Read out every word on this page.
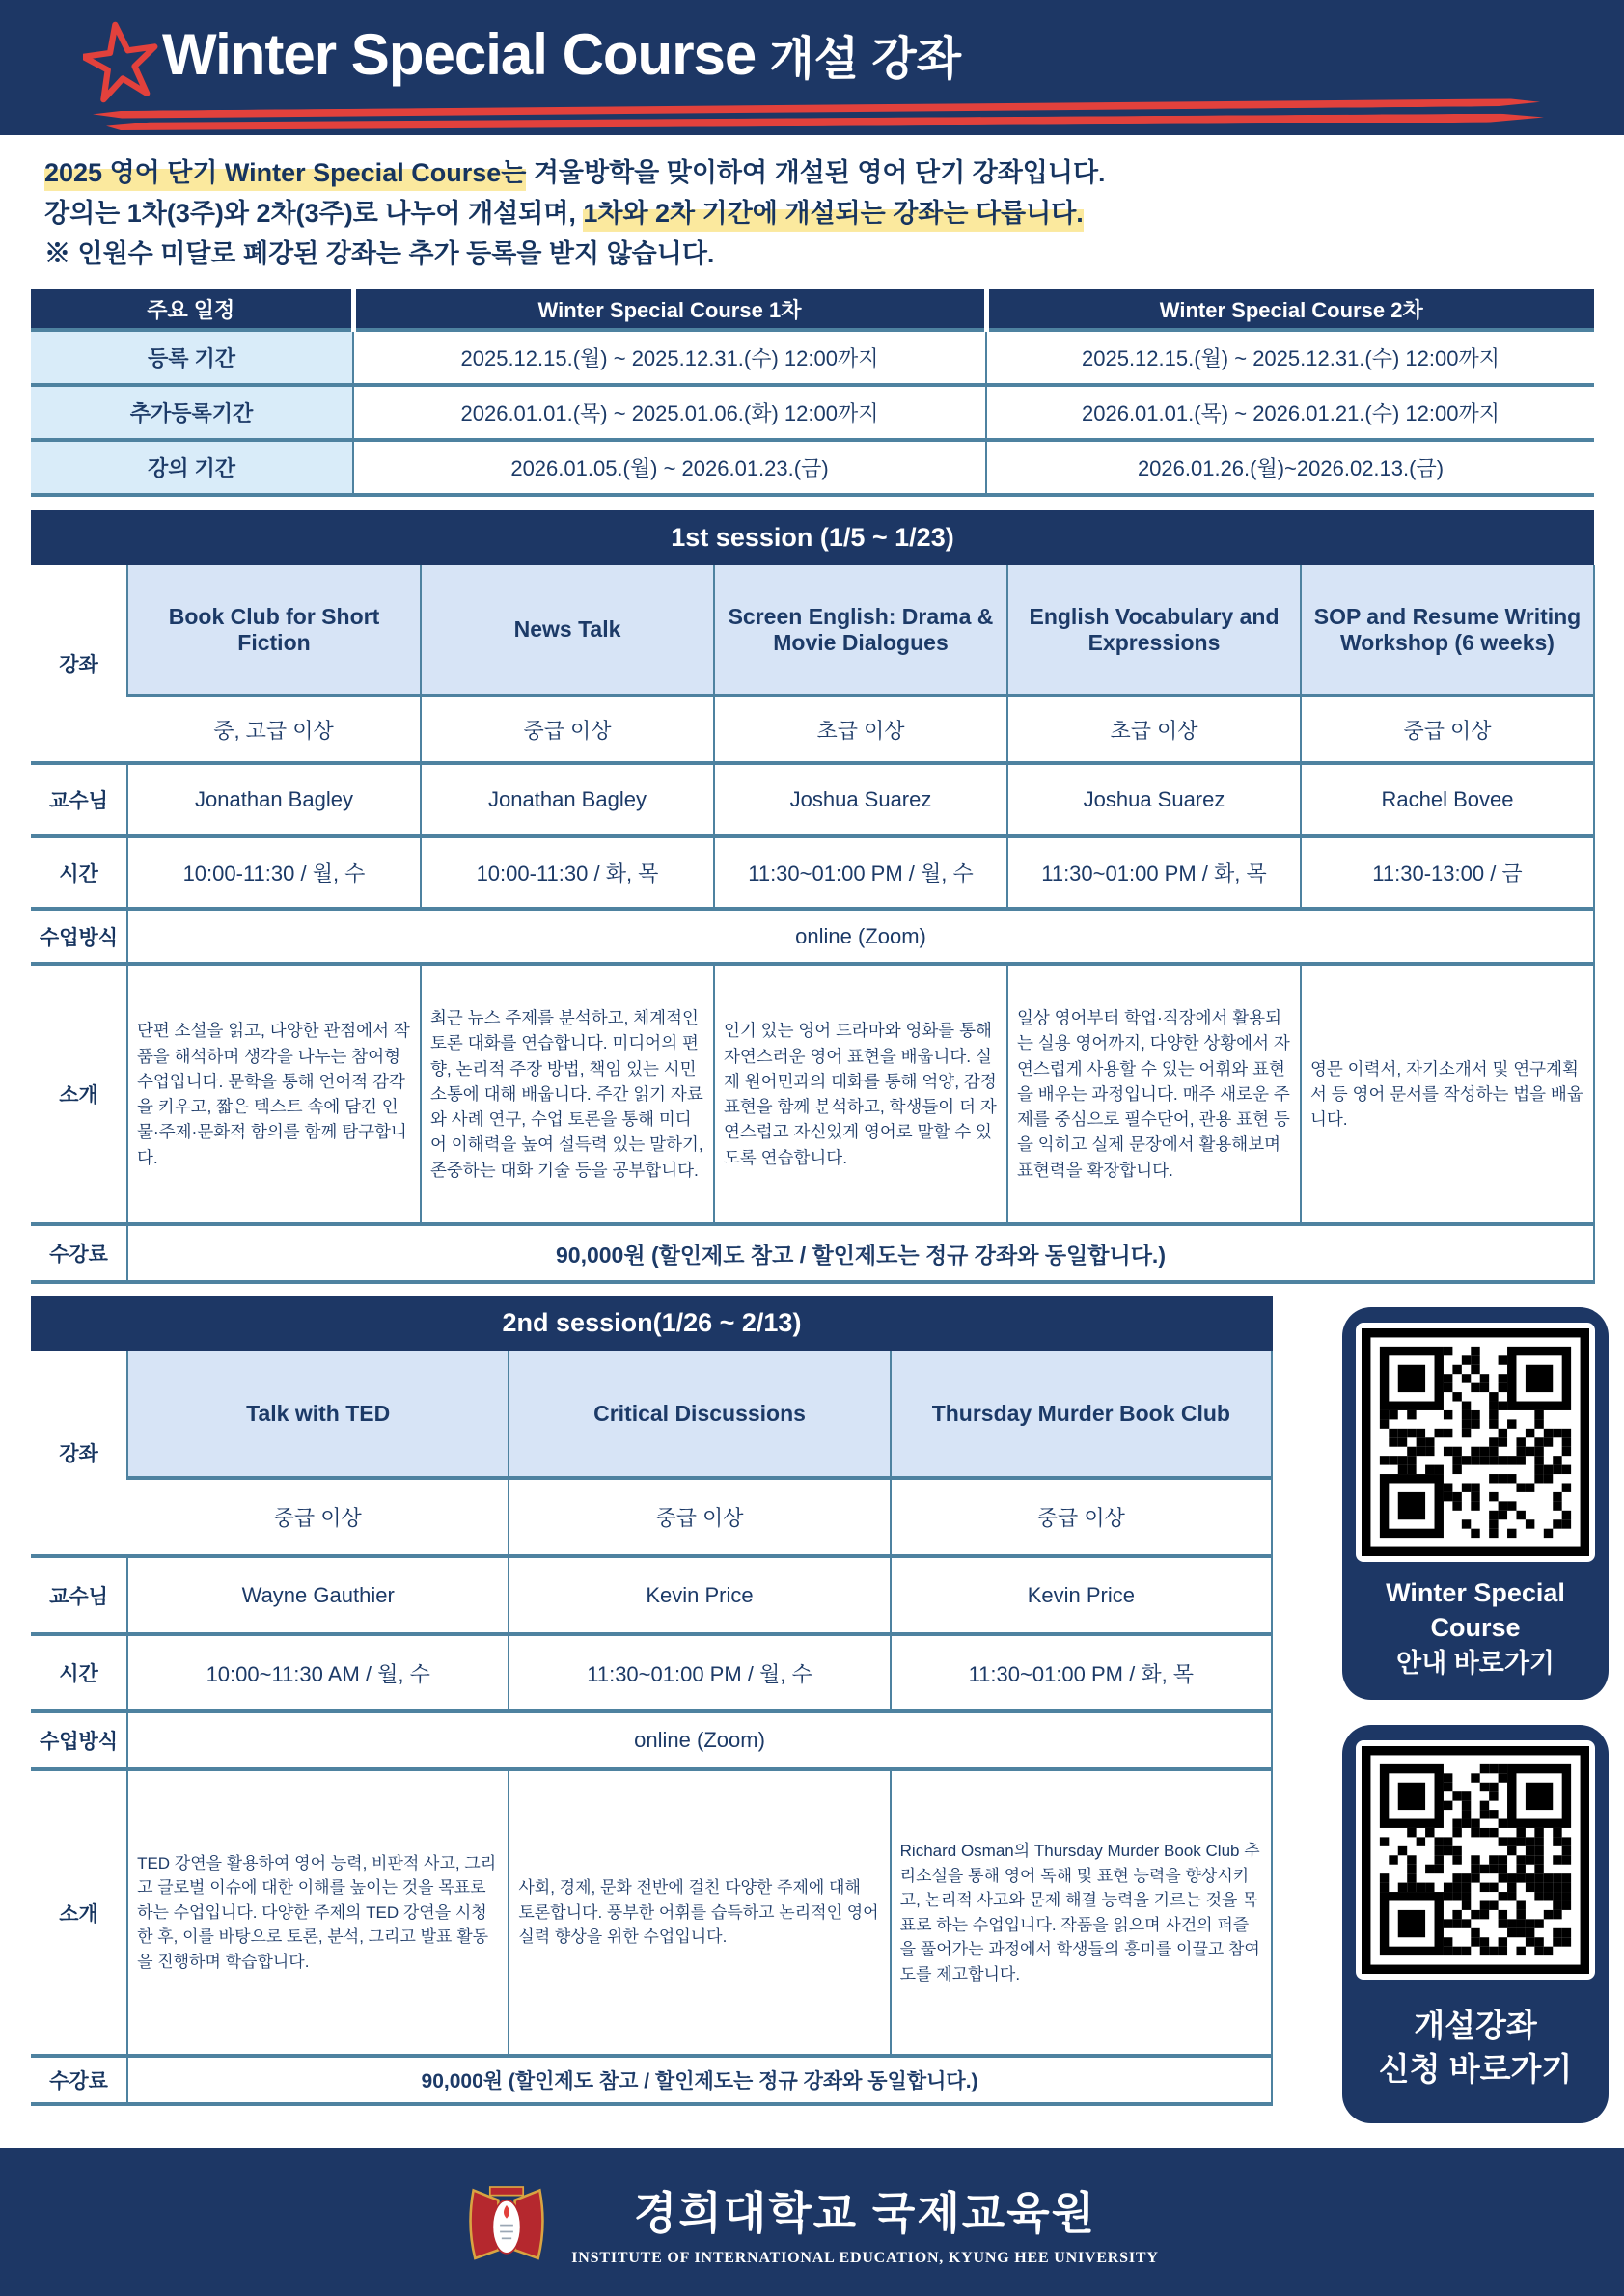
Winter Special Course 개설 강좌

2025 영어 단기 Winter Special Course는 겨울방학을 맞이하여 개설된 영어 단기 강좌입니다.

강의는 1차(3주)와 2차(3주)로 나누어 개설되며, 1차와 2차 기간에 개설되는 강좌는 다릅니다.

※ 인원수 미달로 폐강된 강좌는 추가 등록을 받지 않습니다.

주요 일정	Winter Special Course 1차	Winter Special Course 2차
등록 기간	2025.12.15.(월) ~ 2025.12.31.(수) 12:00까지	2025.12.15.(월) ~ 2025.12.31.(수) 12:00까지
추가등록기간	2026.01.01.(목) ~ 2025.01.06.(화) 12:00까지	2026.01.01.(목) ~ 2026.01.21.(수) 12:00까지
강의 기간	2026.01.05.(월) ~ 2026.01.23.(금)	2026.01.26.(월)~2026.02.13.(금)
1st session (1/5 ~ 1/23)
강좌	Book Club for Short Fiction	News Talk	Screen English: Drama & Movie Dialogues	English Vocabulary and Expressions	SOP and Resume Writing Workshop (6 weeks)
	중, 고급 이상	중급 이상	초급 이상	초급 이상	중급 이상
교수님	Jonathan Bagley	Jonathan Bagley	Joshua Suarez	Joshua Suarez	Rachel Bovee
시간	10:00-11:30 / 월, 수	10:00-11:30 / 화, 목	11:30~01:00 PM / 월, 수	11:30~01:00 PM / 화, 목	11:30-13:00 / 금
수업방식	online (Zoom)				
소개	단편 소설을 읽고, 다양한 관점에서 작품을 해석하며 생각을 나누는 참여형 수업입니다. 문학을 통해 언어적 감각을 키우고, 짧은 텍스트 속에 담긴 인물·주제·문화적 함의를 함께 탐구합니다.	최근 뉴스 주제를 분석하고, 체계적인 토론 대화를 연습합니다. 미디어의 편향, 논리적 주장 방법, 책임 있는 시민 소통에 대해 배웁니다. 주간 읽기 자료와 사례 연구, 수업 토론을 통해 미디어 이해력을 높여 설득력 있는 말하기, 존중하는 대화 기술 등을 공부합니다.	인기 있는 영어 드라마와 영화를 통해 자연스러운 영어 표현을 배웁니다. 실제 원어민과의 대화를 통해 억양, 감정 표현을 함께 분석하고, 학생들이 더 자연스럽고 자신있게 영어로 말할 수 있도록 연습합니다.	일상 영어부터 학업·직장에서 활용되는 실용 영어까지, 다양한 상황에서 자연스럽게 사용할 수 있는 어휘와 표현을 배우는 과정입니다. 매주 새로운 주제를 중심으로 필수단어, 관용 표현 등을 익히고 실제 문장에서 활용해보며 표현력을 확장합니다.	영문 이력서, 자기소개서 및 연구계획서 등 영어 문서를 작성하는 법을 배웁니다.
수강료	90,000원 (할인제도 참고 / 할인제도는 정규 강좌와 동일합니다.)				
2nd session(1/26 ~ 2/13)
강좌	Talk with TED	Critical Discussions	Thursday Murder Book Club
	중급 이상	중급 이상	중급 이상
교수님	Wayne Gauthier	Kevin Price	Kevin Price
시간	10:00~11:30 AM / 월, 수	11:30~01:00 PM / 월, 수	11:30~01:00 PM / 화, 목
수업방식	online (Zoom)		
소개	TED 강연을 활용하여 영어 능력, 비판적 사고, 그리고 글로벌 이슈에 대한 이해를 높이는 것을 목표로 하는 수업입니다. 다양한 주제의 TED 강연을 시청한 후, 이를 바탕으로 토론, 분석, 그리고 발표 활동을 진행하며 학습합니다.	사회, 경제, 문화 전반에 걸친 다양한 주제에 대해 토론합니다. 풍부한 어휘를 습득하고 논리적인 영어 실력 향상을 위한 수업입니다.	Richard Osman의 Thursday Murder Book Club 추리소설을 통해 영어 독해 및 표현 능력을 향상시키고, 논리적 사고와 문제 해결 능력을 기르는 것을 목표로 하는 수업입니다. 작품을 읽으며 사건의 퍼즐을 풀어가는 과정에서 학생들의 흥미를 이끌고 참여도를 제고합니다.
수강료	90,000원 (할인제도 참고 / 할인제도는 정규 강좌와 동일합니다.)		
Winter Special
Course
안내 바로가기
개설강좌
신청 바로가기
경희대학교 국제교육원
INSTITUTE OF INTERNATIONAL EDUCATION, KYUNG HEE UNIVERSITY
